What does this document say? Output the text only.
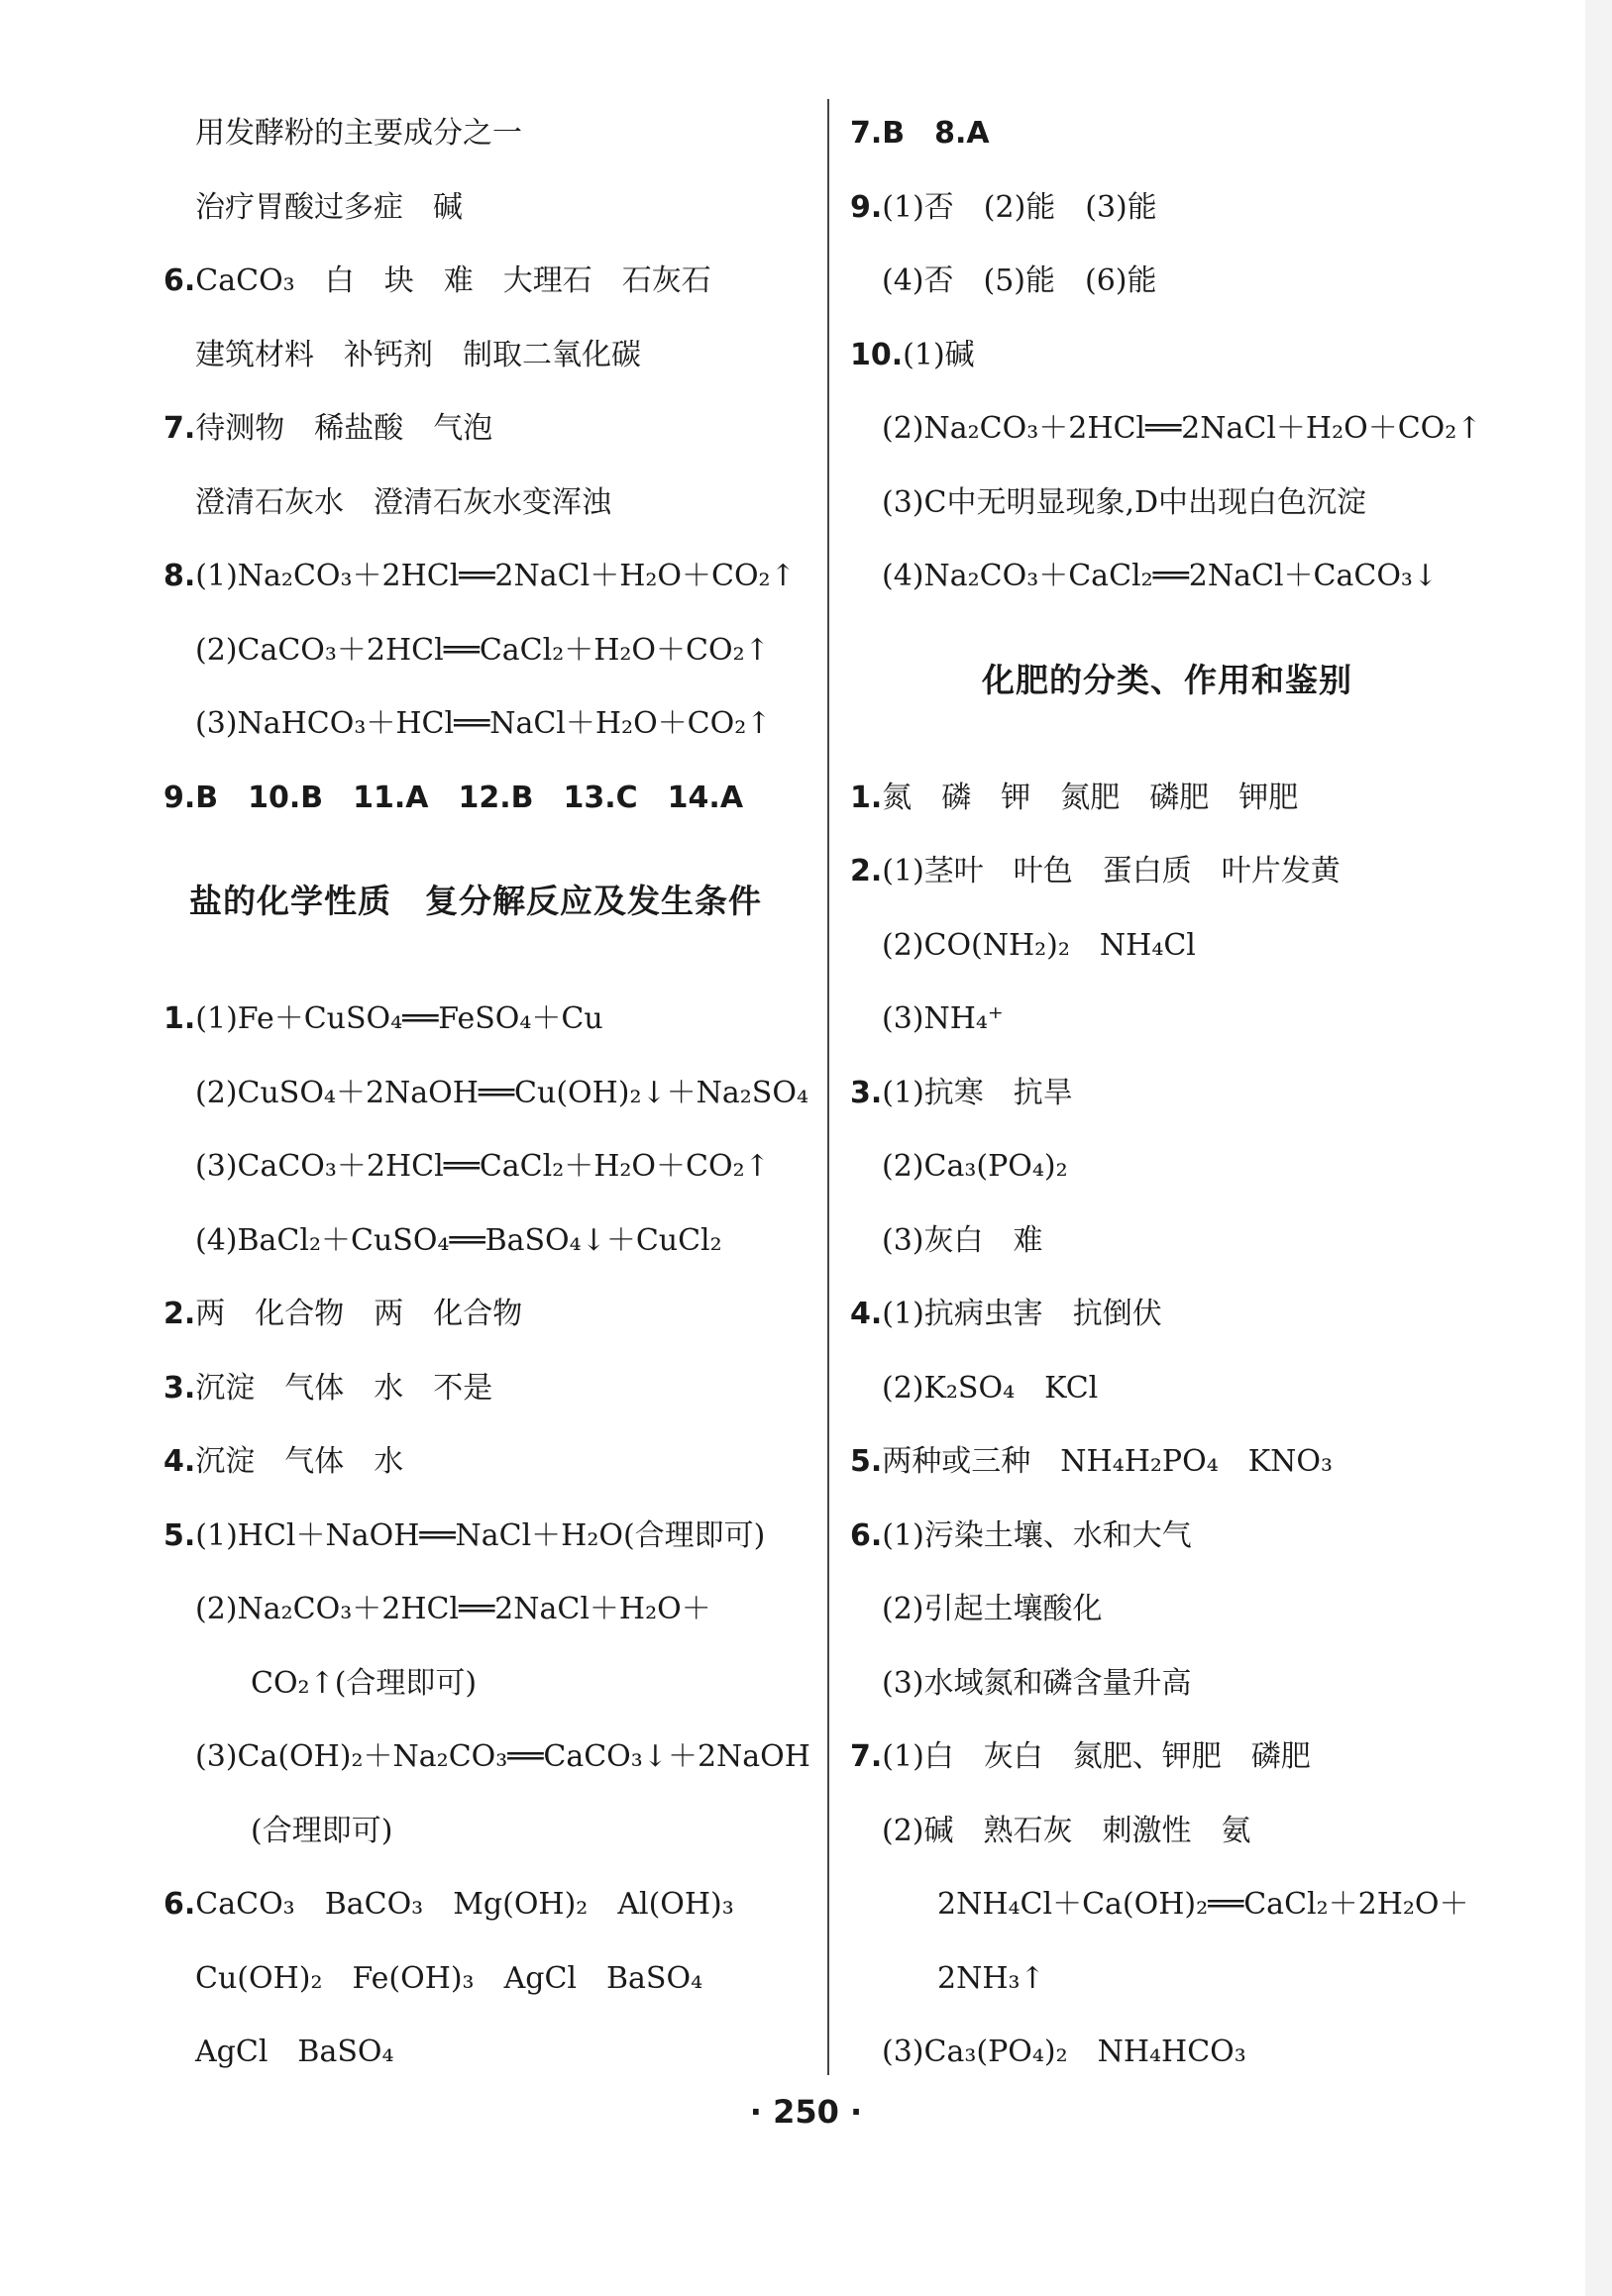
用发酵粉的主要成分之一
治疗胃酸过多症　碱
6.CaCO₃　白　块　难　大理石　石灰石
建筑材料　补钙剂　制取二氧化碳
7.待测物　稀盐酸　气泡
澄清石灰水　澄清石灰水变浑浊
8.(1)Na₂CO₃＋2HCl══2NaCl＋H₂O＋CO₂↑
(2)CaCO₃＋2HCl══CaCl₂＋H₂O＋CO₂↑
(3)NaHCO₃＋HCl══NaCl＋H₂O＋CO₂↑
9.B　10.B　11.A　12.B　13.C　14.A
盐的化学性质　复分解反应及发生条件
1.(1)Fe＋CuSO₄══FeSO₄＋Cu
(2)CuSO₄＋2NaOH══Cu(OH)₂↓＋Na₂SO₄
(3)CaCO₃＋2HCl══CaCl₂＋H₂O＋CO₂↑
(4)BaCl₂＋CuSO₄══BaSO₄↓＋CuCl₂
2.两　化合物　两　化合物
3.沉淀　气体　水　不是
4.沉淀　气体　水
5.(1)HCl＋NaOH══NaCl＋H₂O(合理即可)
(2)Na₂CO₃＋2HCl══2NaCl＋H₂O＋
CO₂↑(合理即可)
(3)Ca(OH)₂＋Na₂CO₃══CaCO₃↓＋2NaOH
(合理即可)
6.CaCO₃　BaCO₃　Mg(OH)₂　Al(OH)₃
Cu(OH)₂　Fe(OH)₃　AgCl　BaSO₄
AgCl　BaSO₄
7.B　8.A
9.(1)否　(2)能　(3)能
(4)否　(5)能　(6)能
10.(1)碱
(2)Na₂CO₃＋2HCl══2NaCl＋H₂O＋CO₂↑
(3)C中无明显现象,D中出现白色沉淀
(4)Na₂CO₃＋CaCl₂══2NaCl＋CaCO₃↓
化肥的分类、作用和鉴别
1.氮　磷　钾　氮肥　磷肥　钾肥
2.(1)茎叶　叶色　蛋白质　叶片发黄
(2)CO(NH₂)₂　NH₄Cl
(3)NH₄⁺
3.(1)抗寒　抗旱
(2)Ca₃(PO₄)₂
(3)灰白　难
4.(1)抗病虫害　抗倒伏
(2)K₂SO₄　KCl
5.两种或三种　NH₄H₂PO₄　KNO₃
6.(1)污染土壤、水和大气
(2)引起土壤酸化
(3)水域氮和磷含量升高
7.(1)白　灰白　氮肥、钾肥　磷肥
(2)碱　熟石灰　刺激性　氨
2NH₄Cl＋Ca(OH)₂══CaCl₂＋2H₂O＋
2NH₃↑
(3)Ca₃(PO₄)₂　NH₄HCO₃
· 250 ·
